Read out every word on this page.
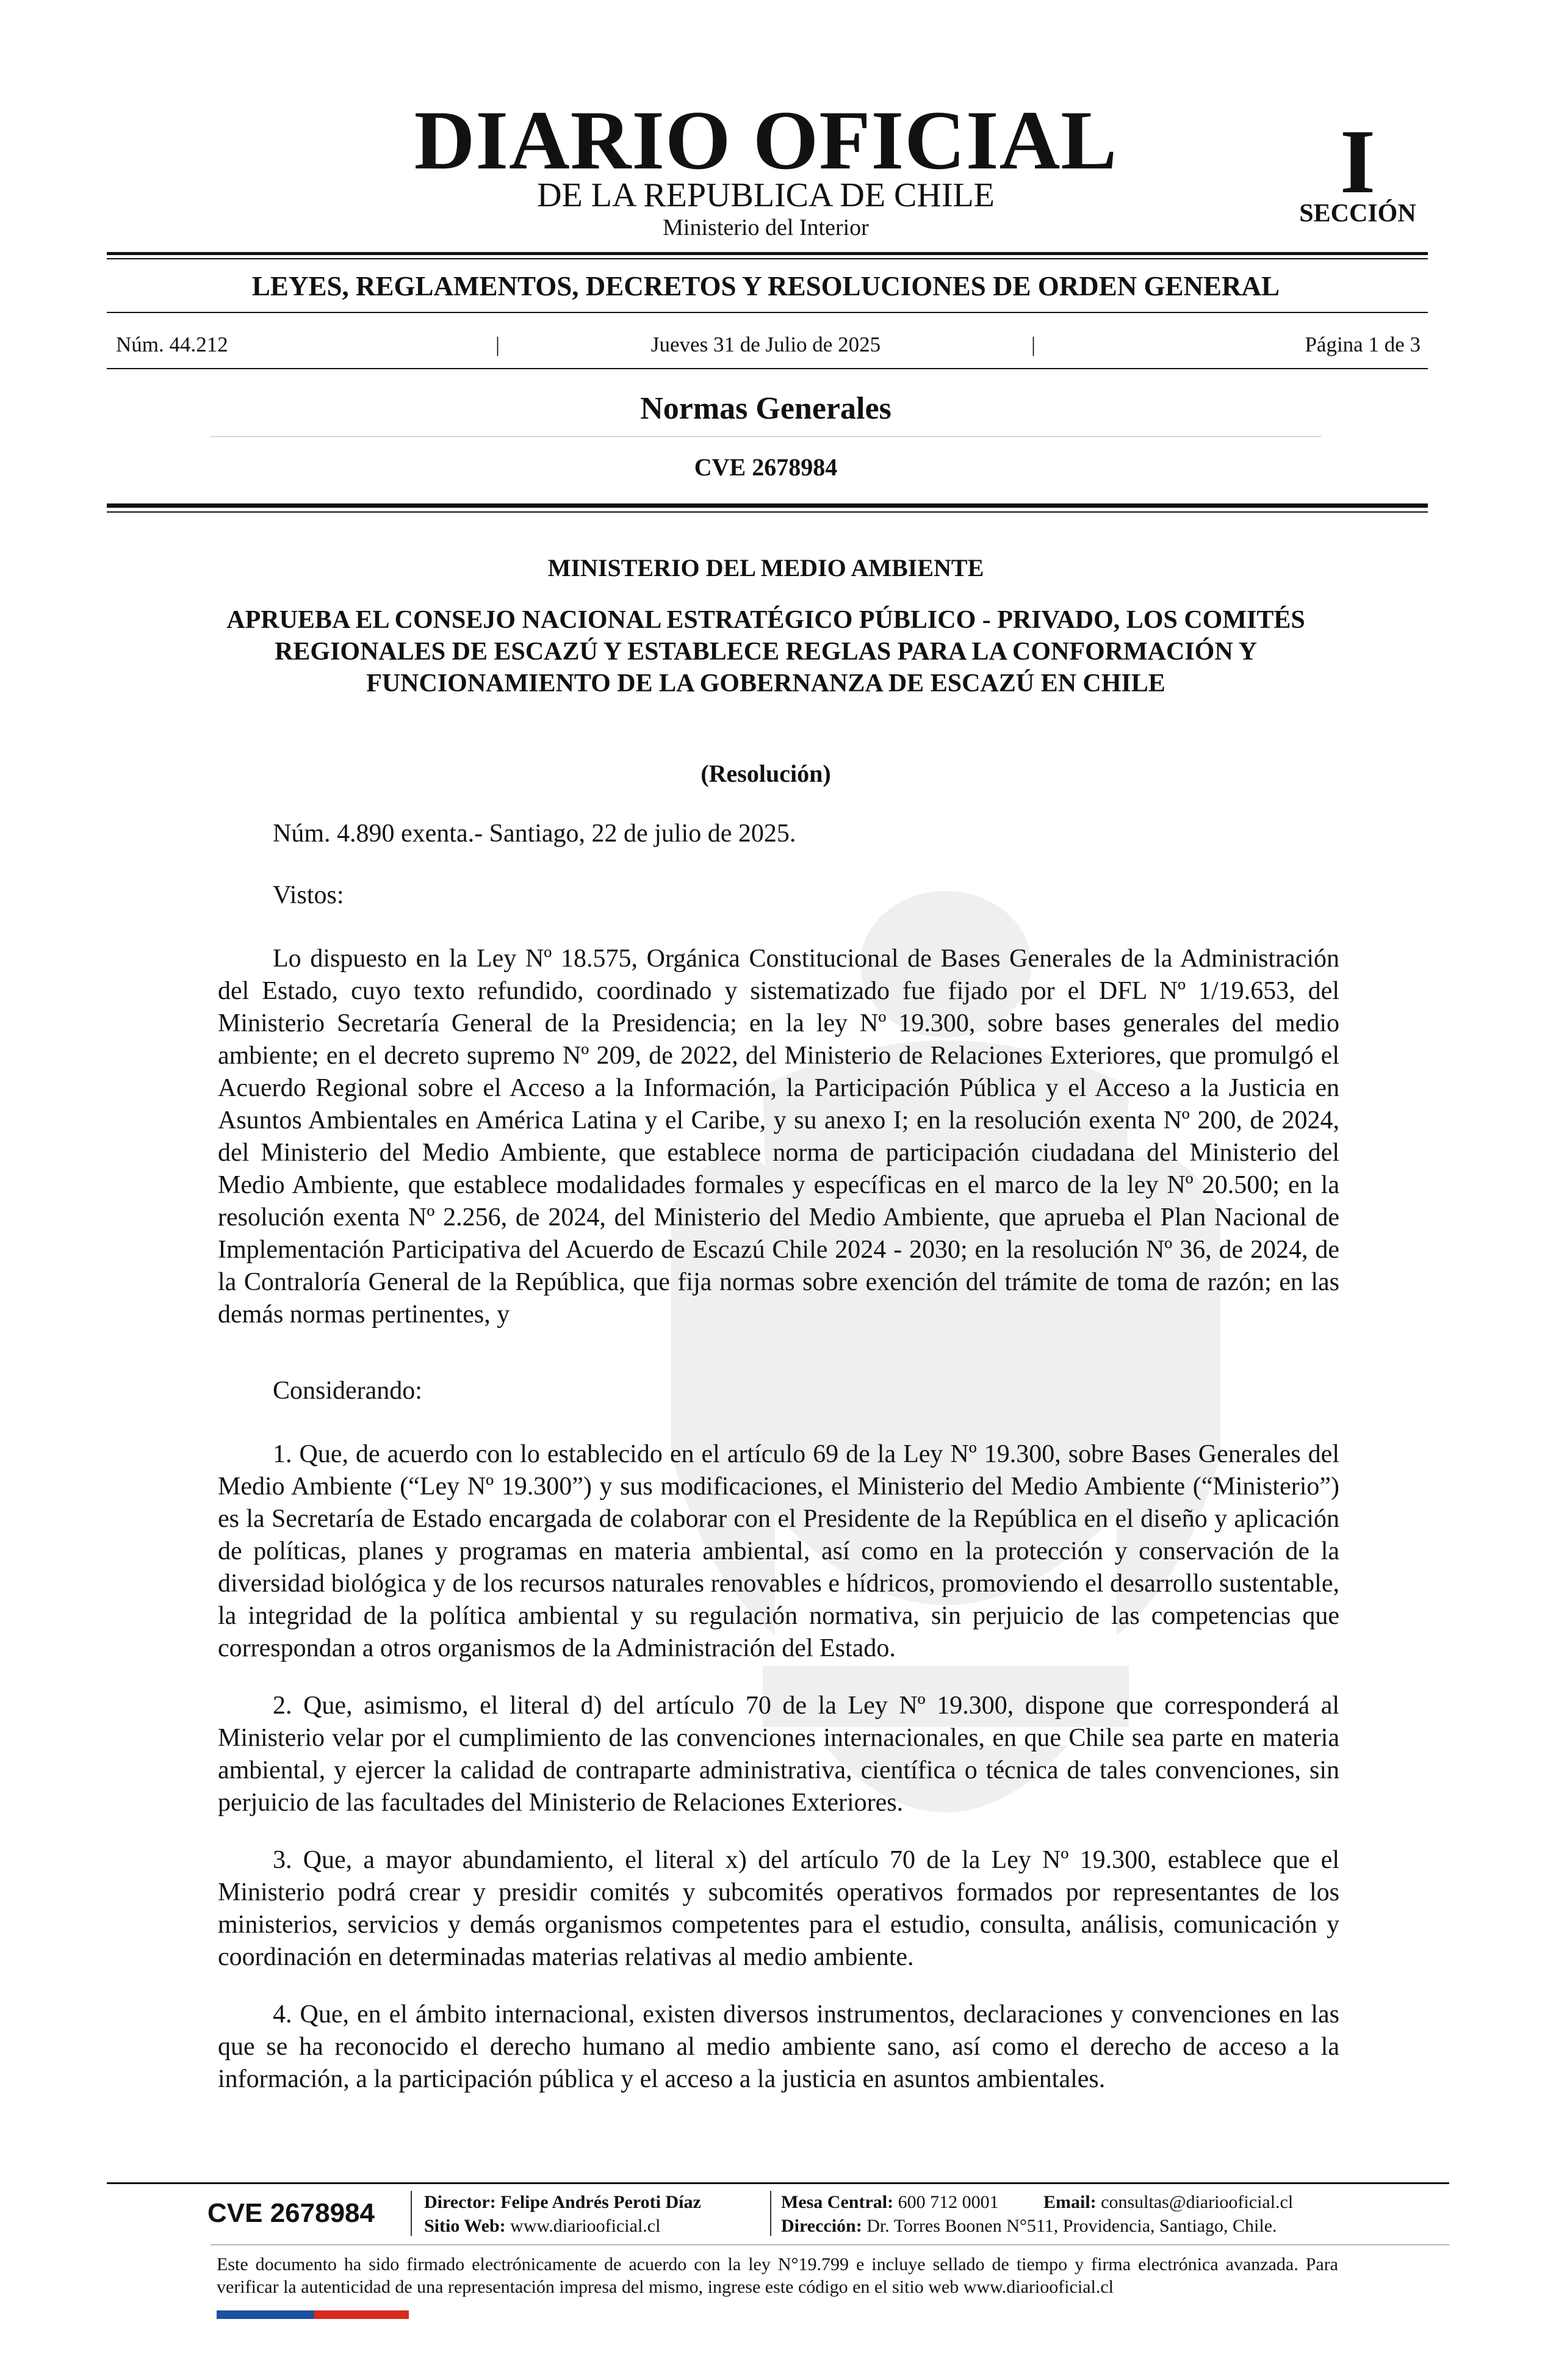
DIARIO OFICIAL
DE LA REPUBLICA DE CHILE
Ministerio del Interior
I
SECCIÓN
LEYES, REGLAMENTOS, DECRETOS Y RESOLUCIONES DE ORDEN GENERAL
Núm. 44.212	|	Jueves 31 de Julio de 2025	|	Página 1 de 3
Normas Generales
CVE 2678984
MINISTERIO DEL MEDIO AMBIENTE
APRUEBA EL CONSEJO NACIONAL ESTRATÉGICO PÚBLICO - PRIVADO, LOS COMITÉS REGIONALES DE ESCAZÚ Y ESTABLECE REGLAS PARA LA CONFORMACIÓN Y FUNCIONAMIENTO DE LA GOBERNANZA DE ESCAZÚ EN CHILE
(Resolución)
Núm. 4.890 exenta.- Santiago, 22 de julio de 2025.
Vistos:
Lo dispuesto en la Ley Nº 18.575, Orgánica Constitucional de Bases Generales de la Administración del Estado, cuyo texto refundido, coordinado y sistematizado fue fijado por el DFL Nº 1/19.653, del Ministerio Secretaría General de la Presidencia; en la ley Nº 19.300, sobre bases generales del medio ambiente; en el decreto supremo Nº 209, de 2022, del Ministerio de Relaciones Exteriores, que promulgó el Acuerdo Regional sobre el Acceso a la Información, la Participación Pública y el Acceso a la Justicia en Asuntos Ambientales en América Latina y el Caribe, y su anexo I; en la resolución exenta Nº 200, de 2024, del Ministerio del Medio Ambiente, que establece norma de participación ciudadana del Ministerio del Medio Ambiente, que establece modalidades formales y específicas en el marco de la ley Nº 20.500; en la resolución exenta Nº 2.256, de 2024, del Ministerio del Medio Ambiente, que aprueba el Plan Nacional de Implementación Participativa del Acuerdo de Escazú Chile 2024 - 2030; en la resolución Nº 36, de 2024, de la Contraloría General de la República, que fija normas sobre exención del trámite de toma de razón; en las demás normas pertinentes, y
Considerando:
1. Que, de acuerdo con lo establecido en el artículo 69 de la Ley Nº 19.300, sobre Bases Generales del Medio Ambiente (“Ley Nº 19.300”) y sus modificaciones, el Ministerio del Medio Ambiente (“Ministerio”) es la Secretaría de Estado encargada de colaborar con el Presidente de la República en el diseño y aplicación de políticas, planes y programas en materia ambiental, así como en la protección y conservación de la diversidad biológica y de los recursos naturales renovables e hídricos, promoviendo el desarrollo sustentable, la integridad de la política ambiental y su regulación normativa, sin perjuicio de las competencias que correspondan a otros organismos de la Administración del Estado.
2. Que, asimismo, el literal d) del artículo 70 de la Ley Nº 19.300, dispone que corresponderá al Ministerio velar por el cumplimiento de las convenciones internacionales, en que Chile sea parte en materia ambiental, y ejercer la calidad de contraparte administrativa, científica o técnica de tales convenciones, sin perjuicio de las facultades del Ministerio de Relaciones Exteriores.
3. Que, a mayor abundamiento, el literal x) del artículo 70 de la Ley Nº 19.300, establece que el Ministerio podrá crear y presidir comités y subcomités operativos formados por representantes de los ministerios, servicios y demás organismos competentes para el estudio, consulta, análisis, comunicación y coordinación en determinadas materias relativas al medio ambiente.
4. Que, en el ámbito internacional, existen diversos instrumentos, declaraciones y convenciones en las que se ha reconocido el derecho humano al medio ambiente sano, así como el derecho de acceso a la información, a la participación pública y el acceso a la justicia en asuntos ambientales.
CVE 2678984	Director: Felipe Andrés Peroti Díaz
Sitio Web: www.diariooficial.cl
Mesa Central: 600 712 0001 Email: consultas@diariooficial.cl
Dirección: Dr. Torres Boonen N°511, Providencia, Santiago, Chile.
Este documento ha sido firmado electrónicamente de acuerdo con la ley N°19.799 e incluye sellado de tiempo y firma electrónica avanzada. Para verificar la autenticidad de una representación impresa del mismo, ingrese este código en el sitio web www.diariooficial.cl
